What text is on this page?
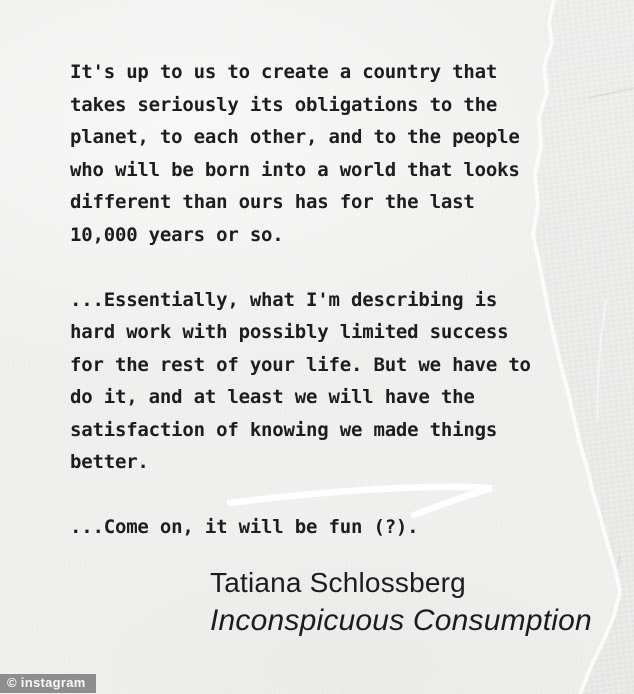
It's up to us to create a country that
takes seriously its obligations to the
planet, to each other, and to the people
who will be born into a world that looks
different than ours has for the last
10,000 years or so.

...Essentially, what I'm describing is
hard work with possibly limited success
for the rest of your life. But we have to
do it, and at least we will have the
satisfaction of knowing we made things
better.

...Come on, it will be fun (?).

Tatiana Schlossberg
Inconspicuous Consumption
© instagram
